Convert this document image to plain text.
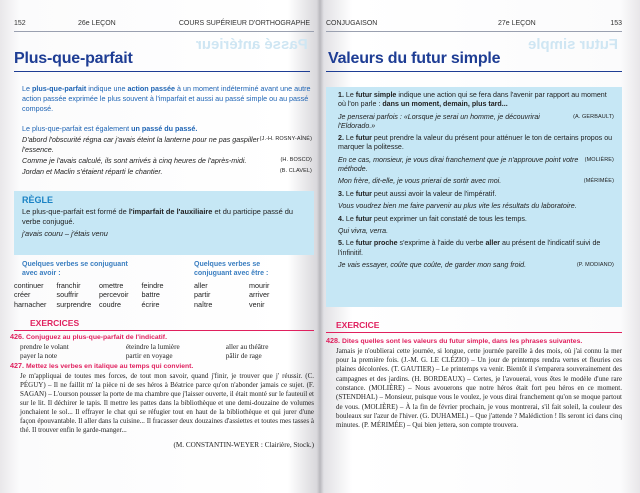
152	26e LEÇON	COURS SUPÉRIEUR D'ORTHOGRAPHE
Passé antérieur
Plus-que-parfait
Le plus-que-parfait indique une action passée à un moment indéterminé avant une autre action passée exprimée le plus souvent à l'imparfait et aussi au passé simple ou au passé composé.
Le plus-que-parfait est également un passé du passé.
(J.-H. ROSNY-AÎNÉ)
D'abord l'obscurité régna car j'avais éteint la lanterne pour ne pas gaspiller l'essence.
(H. BOSCO)
Comme je l'avais calculé, ils sont arrivés à cinq heures de l'après-midi.
(B. CLAVEL)
Jordan et Maclin s'étaient réparti le chantier.
RÈGLE
Le plus-que-parfait est formé de l'imparfait de l'auxiliaire et du participe passé du verbe conjugué.
j'avais couru – j'étais venu
Quelques verbes se conjuguant avec avoir :
continuer	franchir	omettre	feindre
créer	souffrir	percevoir	battre
harnacher	surprendre	coudre	écrire
Quelques verbes se conjuguant avec être :
aller	mourir
partir	arriver
naître	venir
EXERCICES
426. Conjuguez au plus-que-parfait de l'indicatif.
prendre le volant	éteindre la lumière	aller au théâtre
payer la note	partir en voyage	pâlir de rage
427. Mettez les verbes en italique au temps qui convient.
Je m'appliquai de toutes mes forces, de tout mon savoir, quand j'finir, je trouver que j' réussir. (C. PÉGUY) – Il ne faillit m' la pièce ni de ses héros à Béatrice parce qu'on n'abonder jamais ce sujet. (F. SAGAN) – L'ourson pousser la porte de ma chambre que j'laisser ouverte, il était monté sur le fauteuil et sur le lit. Il déchirer le tapis. Il mettre les pattes dans la bibliothèque et une demi-douzaine de volumes jonchaient le sol... Il effrayer le chat qui se réfugier tout en haut de la bibliothèque et qui jurer d'une façon épouvantable. Il aller dans la cuisine... Il fracasser deux douzaines d'assiettes et toutes mes tasses à thé. Il trouver enfin le garde-manger...
(M. CONSTANTIN-WEYER : Clairière, Stock.)
CONJUGAISON	27e LEÇON	153
Futur simple
Valeurs du futur simple

1. Le futur simple indique une action qui se fera dans l'avenir par rapport au moment où l'on parle : dans un moment, demain, plus tard...

(A. GERBAULT)
Je penserai parfois : «Lorsque je serai un homme, je découvrirai l'Eldorado.»

2. Le futur peut prendre la valeur du présent pour atténuer le ton de certains propos ou marquer la politesse.

(MOLIÈRE)
En ce cas, monsieur, je vous dirai franchement que je n'approuve point votre méthode.

(MÉRIMÉE)
Mon frère, dit-elle, je vous prierai de sortir avec moi.

3. Le futur peut aussi avoir la valeur de l'impératif.

Vous voudrez bien me faire parvenir au plus vite les résultats du laboratoire.

4. Le futur peut exprimer un fait constaté de tous les temps.

Qui vivra, verra.

5. Le futur proche s'exprime à l'aide du verbe aller au présent de l'indicatif suivi de l'infinitif.

(P. MODIANO)
Je vais essayer, coûte que coûte, de garder mon sang froid.

EXERCICE
428. Dites quelles sont les valeurs du futur simple, dans les phrases suivantes.
Jamais je n'oublierai cette journée, si longue, cette journée pareille à des mois, où j'ai connu la mer pour la première fois. (J.-M. G. LE CLÉZIO) – Un jour de printemps rendra vertes et fleuries ces plaines décolorées. (T. GAUTIER) – Le printemps va venir. Bientôt il s'emparera souverainement des campagnes et des jardins. (H. BORDEAUX) – Certes, je l'avouerai, vous êtes le modèle d'une rare constance. (MOLIÈRE) – Nous avouerons que notre héros était fort peu héros en ce moment. (STENDHAL) – Monsieur, puisque vous le voulez, je vous dirai franchement qu'on se moque partout de vous. (MOLIÈRE) – À la fin de février prochain, je vous montrerai, s'il fait soleil, la couleur des bouleaux sur l'azur de l'hiver. (G. DUHAMEL) – Que j'attende ? Malédiction ! Ils seront ici dans cinq minutes. (P. MÉRIMÉE) – Qui bien jettera, son compte trouvera.
